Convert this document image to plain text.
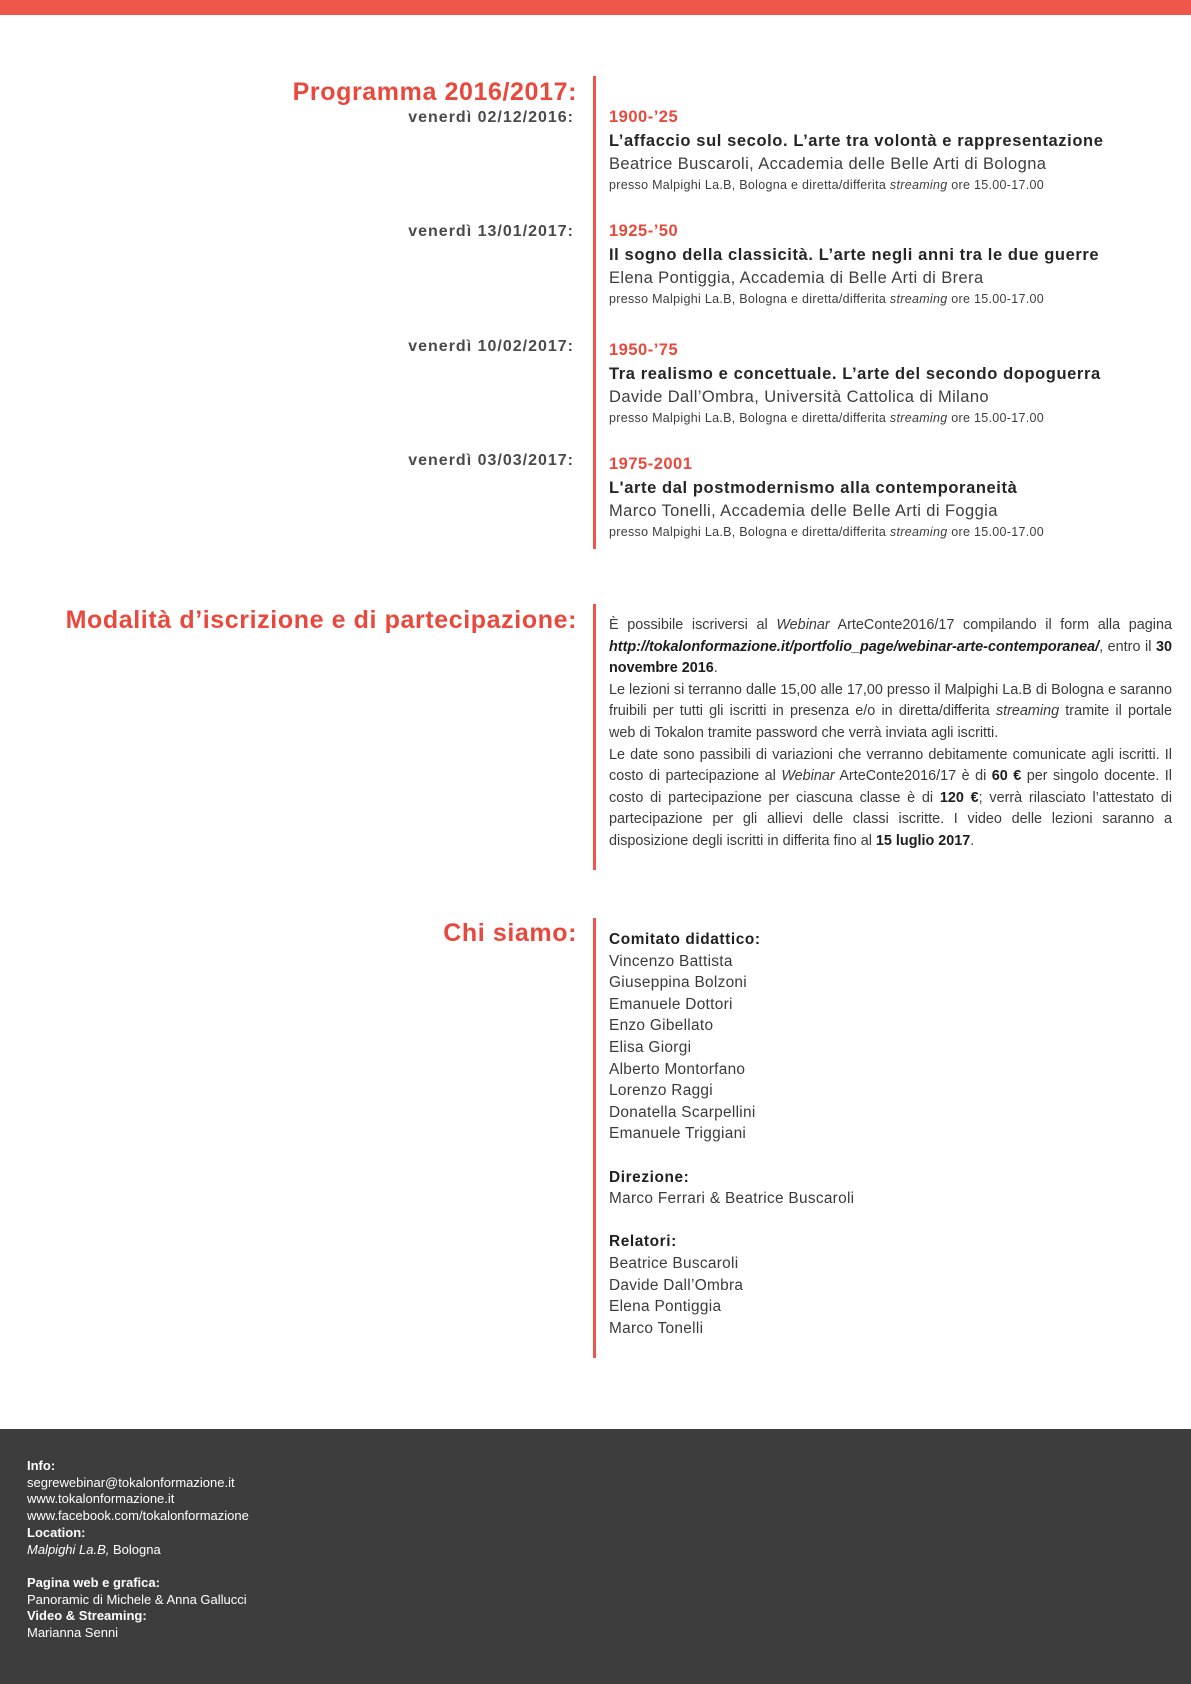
Programma 2016/2017:
venerdì 02/12/2016: 1900-’25
L’affaccio sul secolo. L’arte tra volontà e rappresentazione
Beatrice Buscaroli, Accademia delle Belle Arti di Bologna
presso Malpighi La.B, Bologna e diretta/differita streaming ore 15.00-17.00
venerdì 13/01/2017: 1925-’50
Il sogno della classicità. L’arte negli anni tra le due guerre
Elena Pontiggia, Accademia di Belle Arti di Brera
presso Malpighi La.B, Bologna e diretta/differita streaming ore 15.00-17.00
venerdì 10/02/2017: 1950-’75
Tra realismo e concettuale. L’arte del secondo dopoguerra
Davide Dall’Ombra, Università Cattolica di Milano
presso Malpighi La.B, Bologna e diretta/differita streaming ore 15.00-17.00
venerdì 03/03/2017: 1975-2001
L'arte dal postmodernismo alla contemporaneità
Marco Tonelli, Accademia delle Belle Arti di Foggia
presso Malpighi La.B, Bologna e diretta/differita streaming ore 15.00-17.00
Modalità d’iscrizione e di partecipazione: È possibile iscriversi al Webinar ArteConte2016/17 compilando il form alla pagina http://tokalonformazione.it/portfolio_page/webinar-arte-contemporanea/, entro il 30 novembre 2016.

Le lezioni si terranno dalle 15,00 alle 17,00 presso il Malpighi La.B di Bologna e saranno fruibili per tutti gli iscritti in presenza e/o in diretta/differita streaming tramite il portale web di Tokalon tramite password che verrà inviata agli iscritti.

Le date sono passibili di variazioni che verranno debitamente comunicate agli iscritti. Il costo di partecipazione al Webinar ArteConte2016/17 è di 60 € per singolo docente. Il costo di partecipazione per ciascuna classe è di 120 €; verrà rilasciato l’attestato di partecipazione per gli allievi delle classi iscritte. I video delle lezioni saranno a disposizione degli iscritti in differita fino al 15 luglio 2017.

Chi siamo: Comitato didattico:
Vincenzo Battista
Giuseppina Bolzoni
Emanuele Dottori
Enzo Gibellato
Elisa Giorgi
Alberto Montorfano
Lorenzo Raggi
Donatella Scarpellini
Emanuele Triggiani
Direzione:
Marco Ferrari & Beatrice Buscaroli
Relatori:
Beatrice Buscaroli
Davide Dall’Ombra
Elena Pontiggia
Marco Tonelli
Info:
segrewebinar@tokalonformazione.it
www.tokalonformazione.it
www.facebook.com/tokalonformazione
Location:
Malpighi La.B, Bologna
Pagina web e grafica:
Panoramic di Michele & Anna Gallucci
Video & Streaming:
Marianna Senni
